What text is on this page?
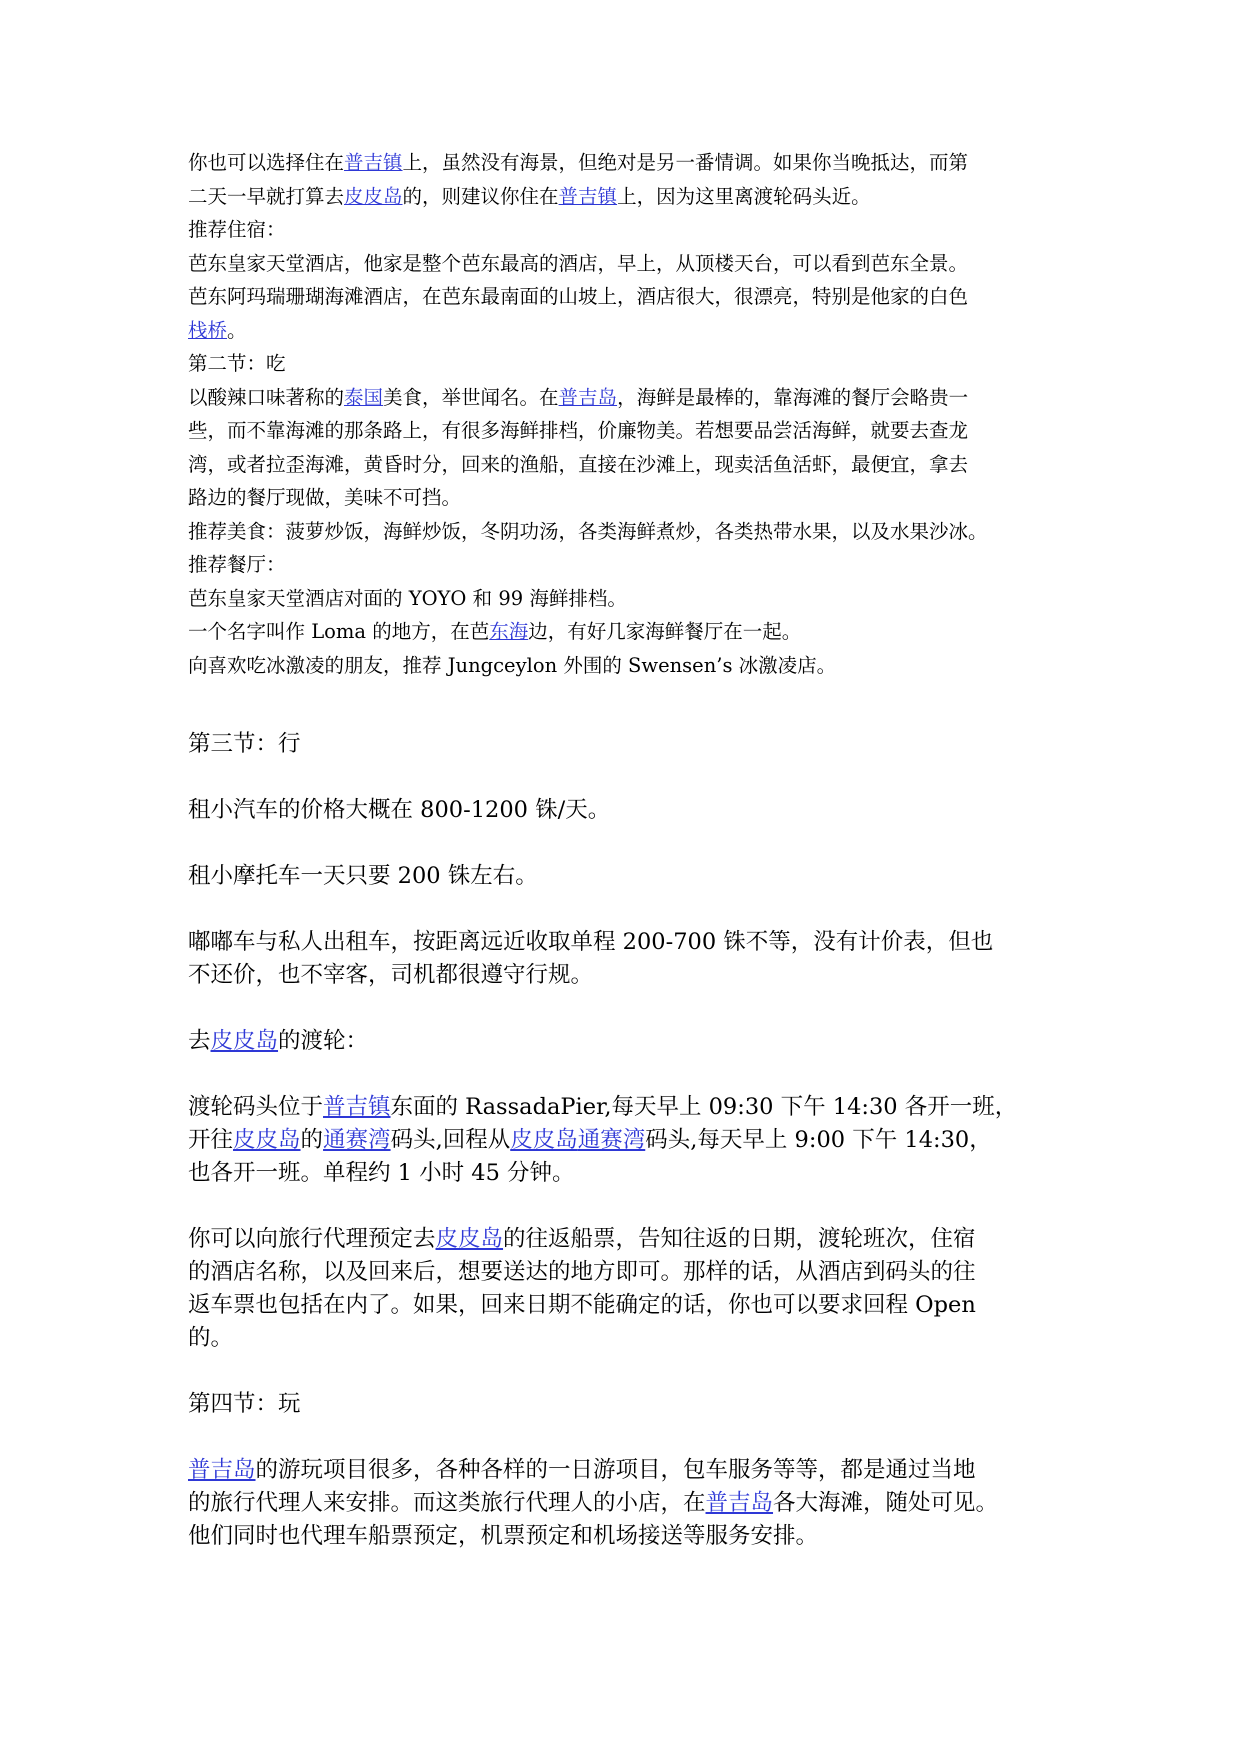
你也可以选择住在普吉镇上，虽然没有海景，但绝对是另一番情调。如果你当晚抵达，而第
二天一早就打算去皮皮岛的，则建议你住在普吉镇上，因为这里离渡轮码头近。
推荐住宿：
芭东皇家天堂酒店，他家是整个芭东最高的酒店，早上，从顶楼天台，可以看到芭东全景。
芭东阿玛瑞珊瑚海滩酒店，在芭东最南面的山坡上，酒店很大，很漂亮，特别是他家的白色
栈桥。
第二节：吃
以酸辣口味著称的泰国美食，举世闻名。在普吉岛，海鲜是最棒的，靠海滩的餐厅会略贵一
些，而不靠海滩的那条路上，有很多海鲜排档，价廉物美。若想要品尝活海鲜，就要去查龙
湾，或者拉歪海滩，黄昏时分，回来的渔船，直接在沙滩上，现卖活鱼活虾，最便宜，拿去
路边的餐厅现做，美味不可挡。
推荐美食：菠萝炒饭，海鲜炒饭，冬阴功汤，各类海鲜煮炒，各类热带水果，以及水果沙冰。
推荐餐厅：
芭东皇家天堂酒店对面的 YOYO 和 99 海鲜排档。
一个名字叫作 Loma 的地方，在芭东海边，有好几家海鲜餐厅在一起。
向喜欢吃冰激凌的朋友，推荐 Jungceylon 外围的 Swensen’s 冰激凌店。
第三节：行
租小汽车的价格大概在 800-1200 铢/天。
租小摩托车一天只要 200 铢左右。
嘟嘟车与私人出租车，按距离远近收取单程 200-700 铢不等，没有计价表，但也
不还价，也不宰客，司机都很遵守行规。
去皮皮岛的渡轮：
渡轮码头位于普吉镇东面的 RassadaPier,每天早上 09:30 下午 14:30 各开一班，
开往皮皮岛的通赛湾码头,回程从皮皮岛通赛湾码头,每天早上 9:00 下午 14:30，
也各开一班。单程约 1 小时 45 分钟。
你可以向旅行代理预定去皮皮岛的往返船票，告知往返的日期，渡轮班次，住宿
的酒店名称，以及回来后，想要送达的地方即可。那样的话，从酒店到码头的往
返车票也包括在内了。如果，回来日期不能确定的话，你也可以要求回程 Open
的。
第四节：玩
普吉岛的游玩项目很多，各种各样的一日游项目，包车服务等等，都是通过当地
的旅行代理人来安排。而这类旅行代理人的小店，在普吉岛各大海滩，随处可见。
他们同时也代理车船票预定，机票预定和机场接送等服务安排。
